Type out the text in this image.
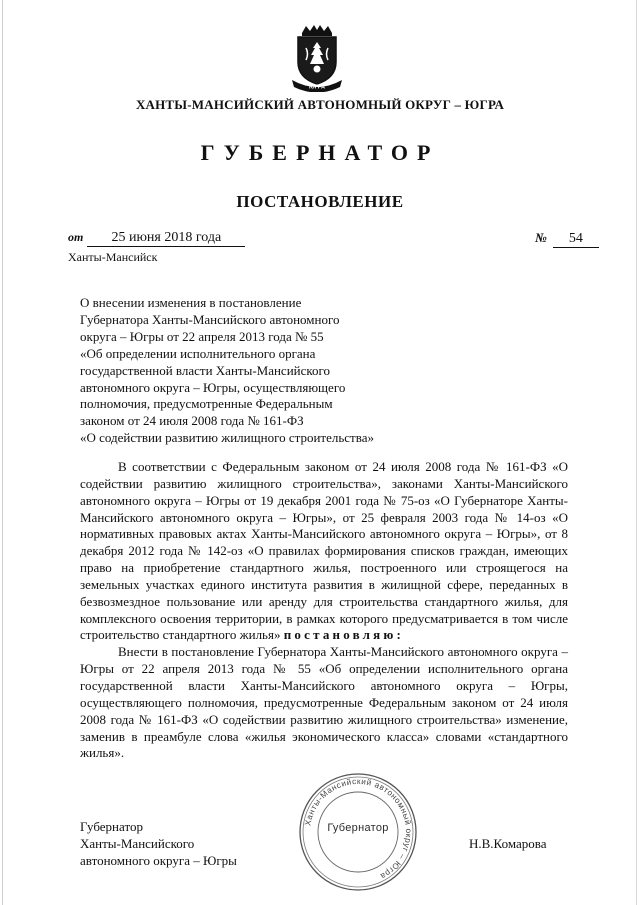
ЮГРА
ХАНТЫ-МАНСИЙСКИЙ АВТОНОМНЫЙ ОКРУГ – ЮГРА
ГУБЕРНАТОР
ПОСТАНОВЛЕНИЕ
от 25 июня 2018 года	№ 54
Ханты-Мансийск
О внесении изменения в постановление
Губернатора Ханты-Мансийского автономного
округа – Югры от 22 апреля 2013 года № 55
«Об определении исполнительного органа
государственной власти Ханты-Мансийского
автономного округа – Югры, осуществляющего
полномочия, предусмотренные Федеральным
законом от 24 июля 2008 года № 161-ФЗ
«О содействии развитию жилищного строительства»

В соответствии с Федеральным законом от 24 июля 2008 года № 161-ФЗ «О содействии развитию жилищного строительства», законами Ханты-Мансийского автономного округа – Югры от 19 декабря 2001 года № 75-оз «О Губернаторе Ханты-Мансийского автономного округа – Югры», от 25 февраля 2003 года № 14-оз «О нормативных правовых актах Ханты-Мансийского автономного округа – Югры», от 8 декабря 2012 года № 142-оз «О правилах формирования списков граждан, имеющих право на приобретение стандартного жилья, построенного или строящегося на земельных участках единого института развития в жилищной сфере, переданных в безвозмездное пользование или аренду для строительства стандартного жилья, для комплексного освоения территории, в рамках которого предусматривается в том числе строительство стандартного жилья» постановляю:

Внести в постановление Губернатора Ханты-Мансийского автономного округа – Югры от 22 апреля 2013 года № 55 «Об определении исполнительного органа государственной власти Ханты-Мансийского автономного округа – Югры, осуществляющего полномочия, предусмотренные Федеральным законом от 24 июля 2008 года № 161-ФЗ «О содействии развитию жилищного строительства» изменение, заменив в преамбуле слова «жилья экономического класса» словами «стандартного жилья».

Губернатор
Ханты-Мансийского
автономного округа – Югры
Н.В.Комарова
Ханты-Мансийский автономный округ – Югра
Губернатор
